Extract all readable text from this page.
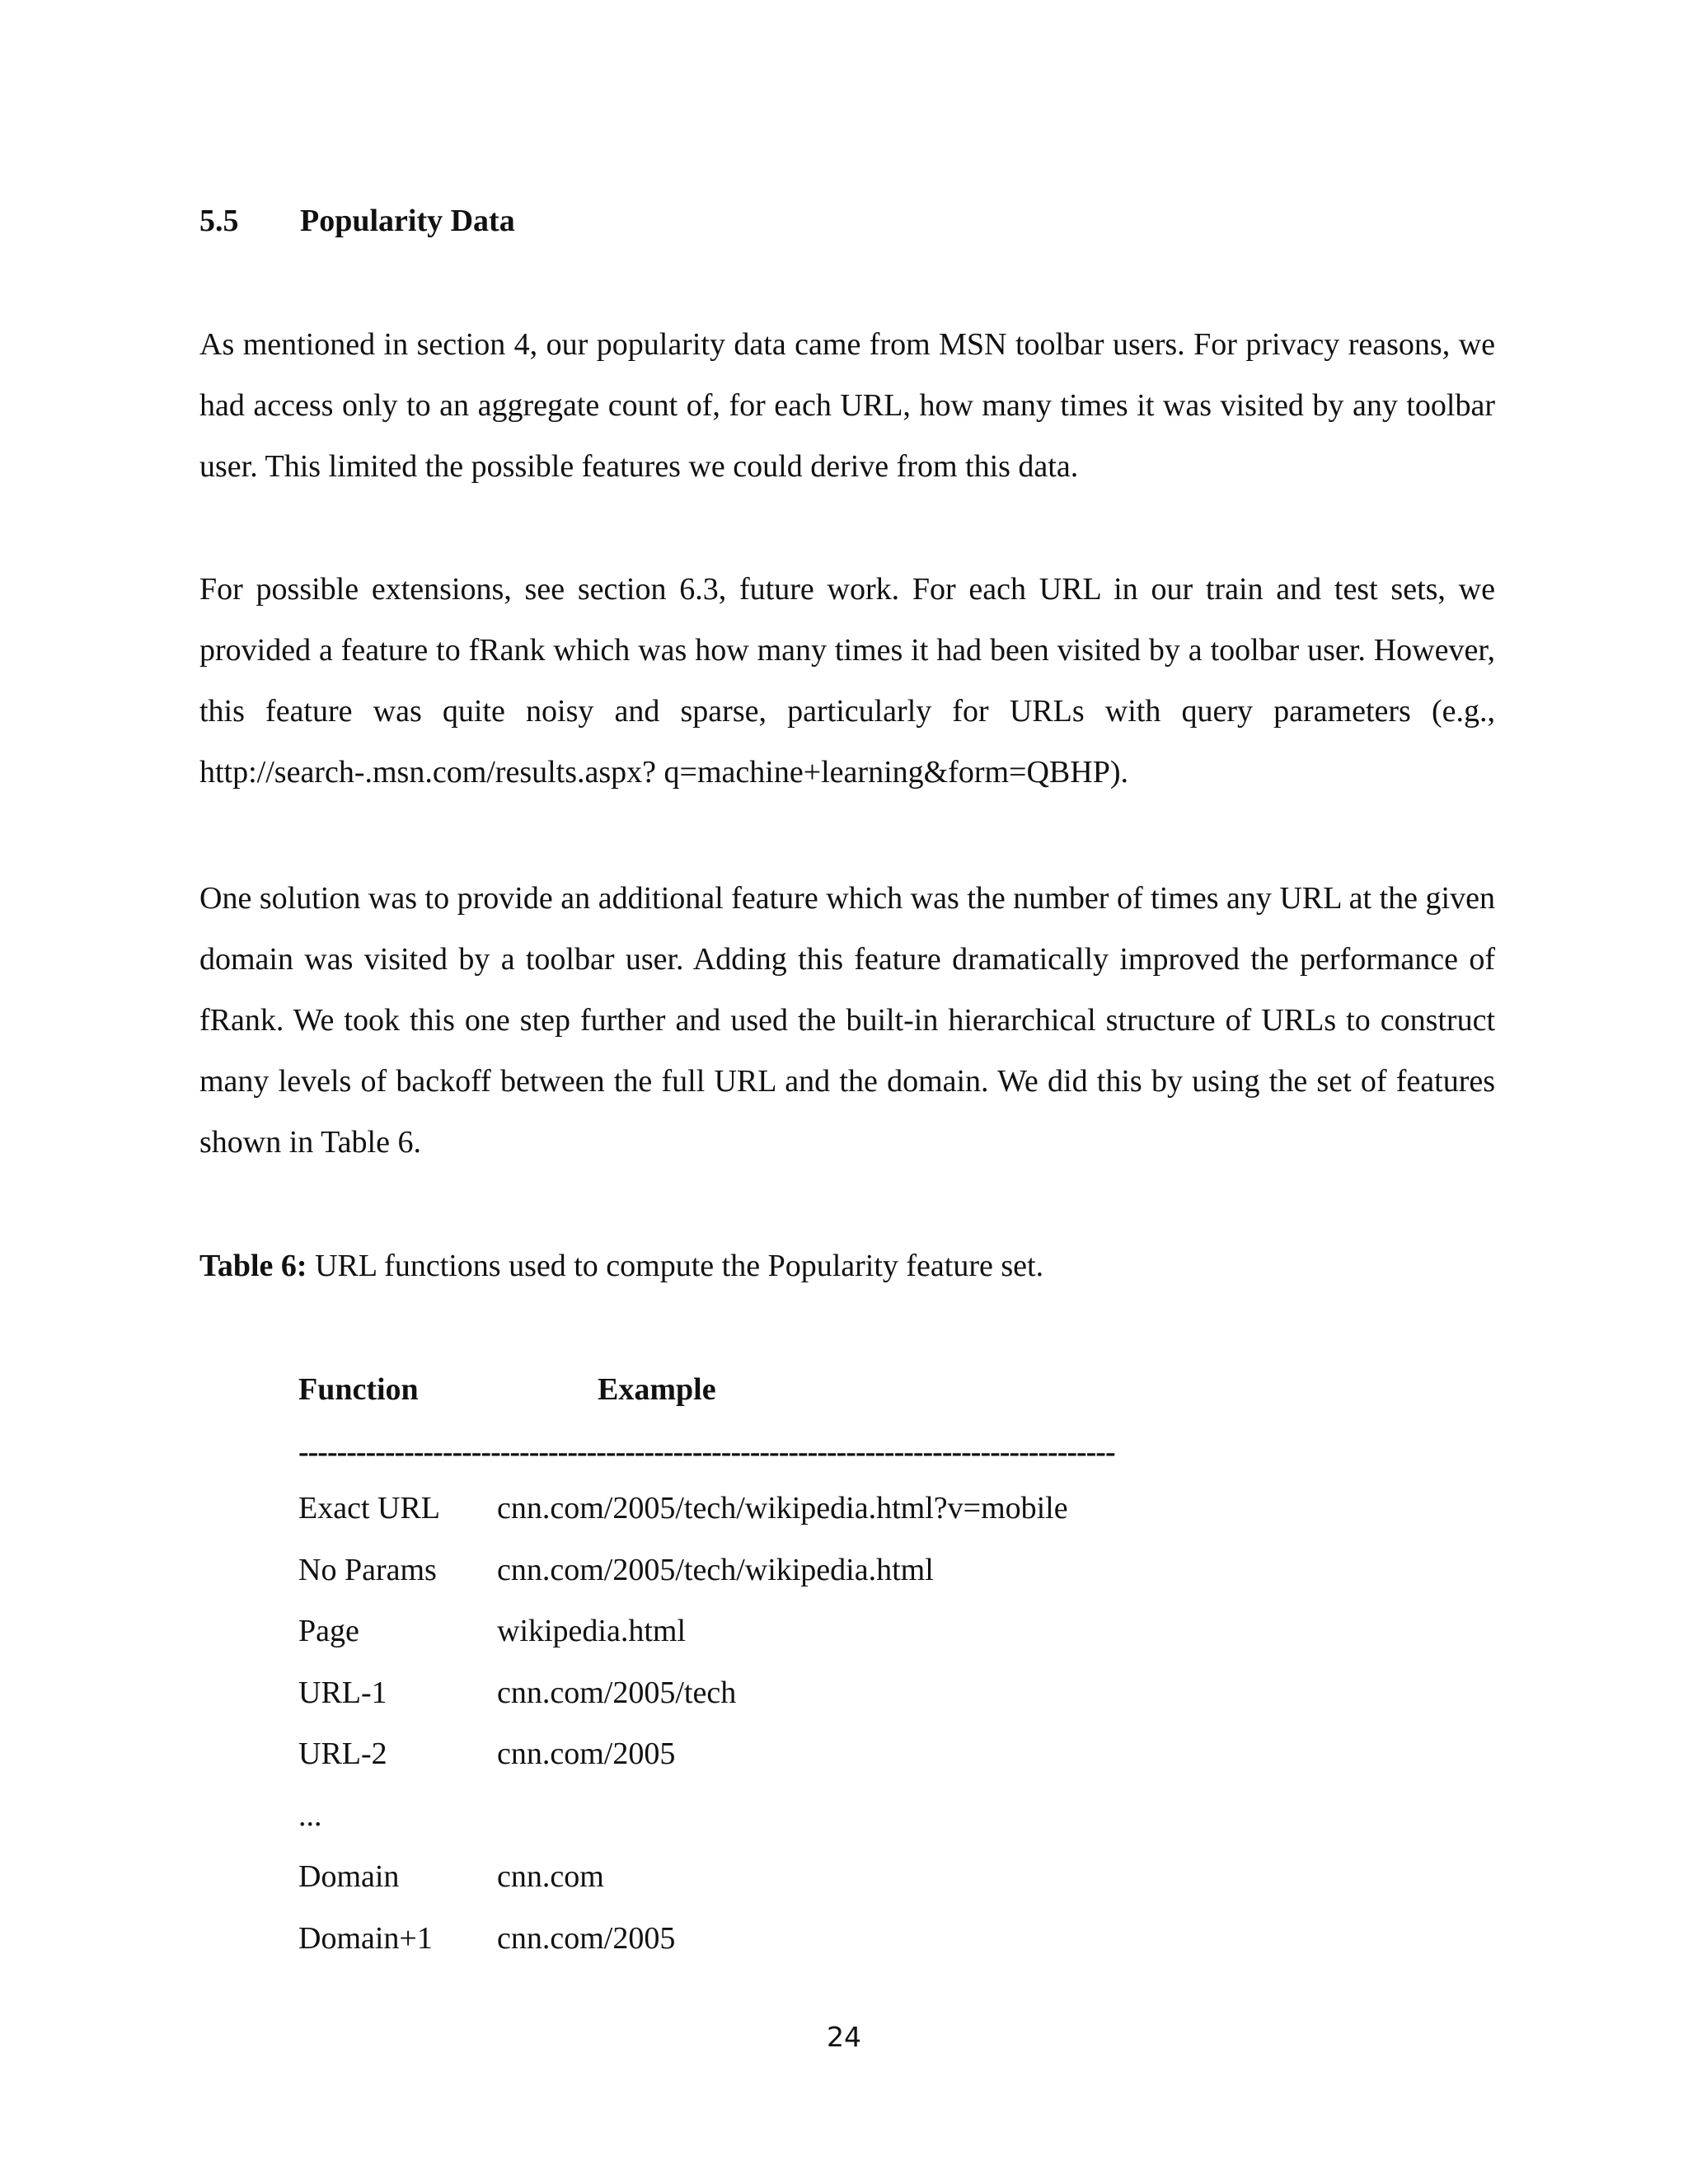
5.5 Popularity Data
As mentioned in section 4, our popularity data came from MSN toolbar users. For privacy reasons, we had access only to an aggregate count of, for each URL, how many times it was visited by any toolbar user. This limited the possible features we could derive from this data.
For possible extensions, see section 6.3, future work. For each URL in our train and test sets, we provided a feature to fRank which was how many times it had been visited by a toolbar user. However, this feature was quite noisy and sparse, particularly for URLs with query parameters (e.g., http://search-.msn.com/results.aspx? q=machine+learning&form=QBHP).
One solution was to provide an additional feature which was the number of times any URL at the given domain was visited by a toolbar user. Adding this feature dramatically improved the performance of fRank. We took this one step further and used the built-in hierarchical structure of URLs to construct many levels of backoff between the full URL and the domain. We did this by using the set of features shown in Table 6.
Table 6: URL functions used to compute the Popularity feature set.
Function	Example
-------------------------------------------------------------------------------------
Exact URL cnn.com/2005/tech/wikipedia.html?v=mobile
No Params cnn.com/2005/tech/wikipedia.html
Page	wikipedia.html
URL-1	cnn.com/2005/tech
URL-2	cnn.com/2005
...
Domain	cnn.com
Domain+1 cnn.com/2005
24
